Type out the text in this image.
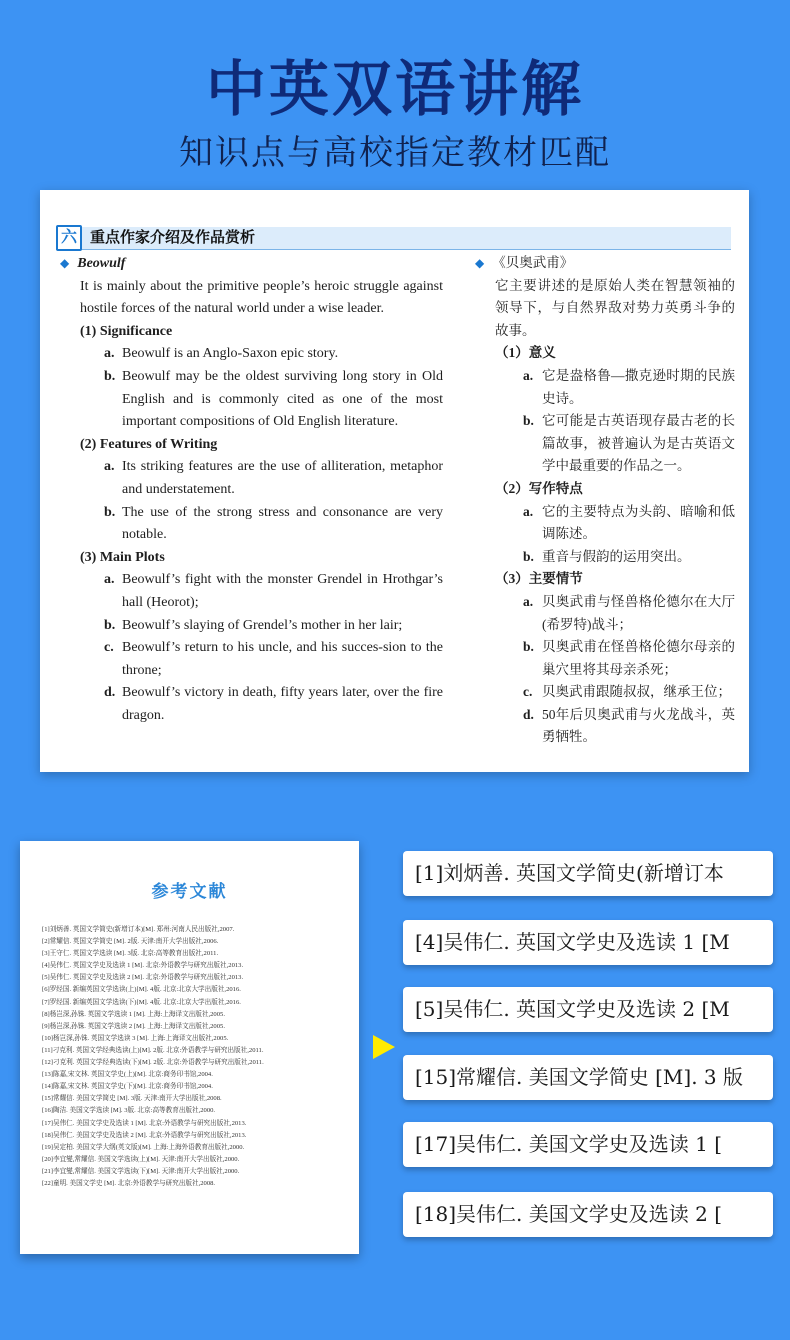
中英双语讲解
知识点与高校指定教材匹配
六 重点作家介绍及作品赏析

◆ Beowulf

It is mainly about the primitive people’s heroic struggle against hostile forces of the natural world under a wise leader.

(1) Significance

a. Beowulf is an Anglo-Saxon epic story.

b. Beowulf may be the oldest surviving long story in Old English and is commonly cited as one of the most important compositions of Old English literature.

(2) Features of Writing

a. Its striking features are the use of alliteration, metaphor and understatement.

b. The use of the strong stress and consonance are very notable.

(3) Main Plots

a. Beowulf’s fight with the monster Grendel in Hrothgar’s hall (Heorot);

b. Beowulf’s slaying of Grendel’s mother in her lair;

c. Beowulf’s return to his uncle, and his succes-sion to the throne;

d. Beowulf’s victory in death, fifty years later, over the fire dragon.

◆ 《贝奥武甫》

它主要讲述的是原始人类在智慧领袖的领导下，与自然界敌对势力英勇斗争的故事。

（1）意义

a. 它是盎格鲁—撒克逊时期的民族史诗。

b. 它可能是古英语现存最古老的长篇故事，被普遍认为是古英语文学中最重要的作品之一。

（2）写作特点

a. 它的主要特点为头韵、暗喻和低调陈述。

b. 重音与假韵的运用突出。

（3）主要情节

a. 贝奥武甫与怪兽格伦德尔在大厅(希罗特)战斗；

b. 贝奥武甫在怪兽格伦德尔母亲的巢穴里将其母亲杀死；

c. 贝奥武甫跟随叔叔，继承王位；

d. 50年后贝奥武甫与火龙战斗，英勇牺牲。

参考文献
[1]刘炳善. 英国文学简史(新增订本)[M]. 郑州:河南人民出版社,2007.
[2]常耀信. 英国文学简史 [M]. 2版. 天津:南开大学出版社,2006.
[3]王守仁. 英国文学选读 [M]. 3版. 北京:高等教育出版社,2011.
[4]吴伟仁. 英国文学史及选读 1 [M]. 北京:外语教学与研究出版社,2013.
[5]吴伟仁. 英国文学史及选读 2 [M]. 北京:外语教学与研究出版社,2013.
[6]罗经国. 新编英国文学选读(上)[M]. 4版. 北京:北京大学出版社,2016.
[7]罗经国. 新编英国文学选读(下)[M]. 4版. 北京:北京大学出版社,2016.
[8]杨岂深,孙铢. 英国文学选读 1 [M]. 上海:上海译文出版社,2005.
[9]杨岂深,孙铢. 英国文学选读 2 [M]. 上海:上海译文出版社,2005.
[10]杨岂深,孙铢. 英国文学选读 3 [M]. 上海:上海译文出版社,2005.
[11]刁克利. 英国文学经典选读(上)[M]. 2版. 北京:外语教学与研究出版社,2011.
[12]刁克利. 英国文学经典选读(下)[M]. 2版. 北京:外语教学与研究出版社,2011.
[13]陈嘉,宋文林. 英国文学史(上)[M]. 北京:商务印书馆,2004.
[14]陈嘉,宋文林. 英国文学史(下)[M]. 北京:商务印书馆,2004.
[15]常耀信. 美国文学简史 [M]. 3版. 天津:南开大学出版社,2008.
[16]陶洁. 美国文学选读 [M]. 3版. 北京:高等教育出版社,2000.
[17]吴伟仁. 美国文学史及选读 1 [M]. 北京:外语教学与研究出版社,2013.
[18]吴伟仁. 美国文学史及选读 2 [M]. 北京:外语教学与研究出版社,2013.
[19]吴定柏. 美国文学大纲(英文版)[M]. 上海:上海外语教育出版社,2000.
[20]李宜燮,常耀信. 美国文学选读(上)[M]. 天津:南开大学出版社,2000.
[21]李宜燮,常耀信. 美国文学选读(下)[M]. 天津:南开大学出版社,2000.
[22]童明. 美国文学史 [M]. 北京:外语教学与研究出版社,2008.
[1]刘炳善. 英国文学简史(新增订本
[4]吴伟仁. 英国文学史及选读 1 [M
[5]吴伟仁. 英国文学史及选读 2 [M
[15]常耀信. 美国文学简史 [M]. 3 版
[17]吴伟仁. 美国文学史及选读 1 [
[18]吴伟仁. 美国文学史及选读 2 [
